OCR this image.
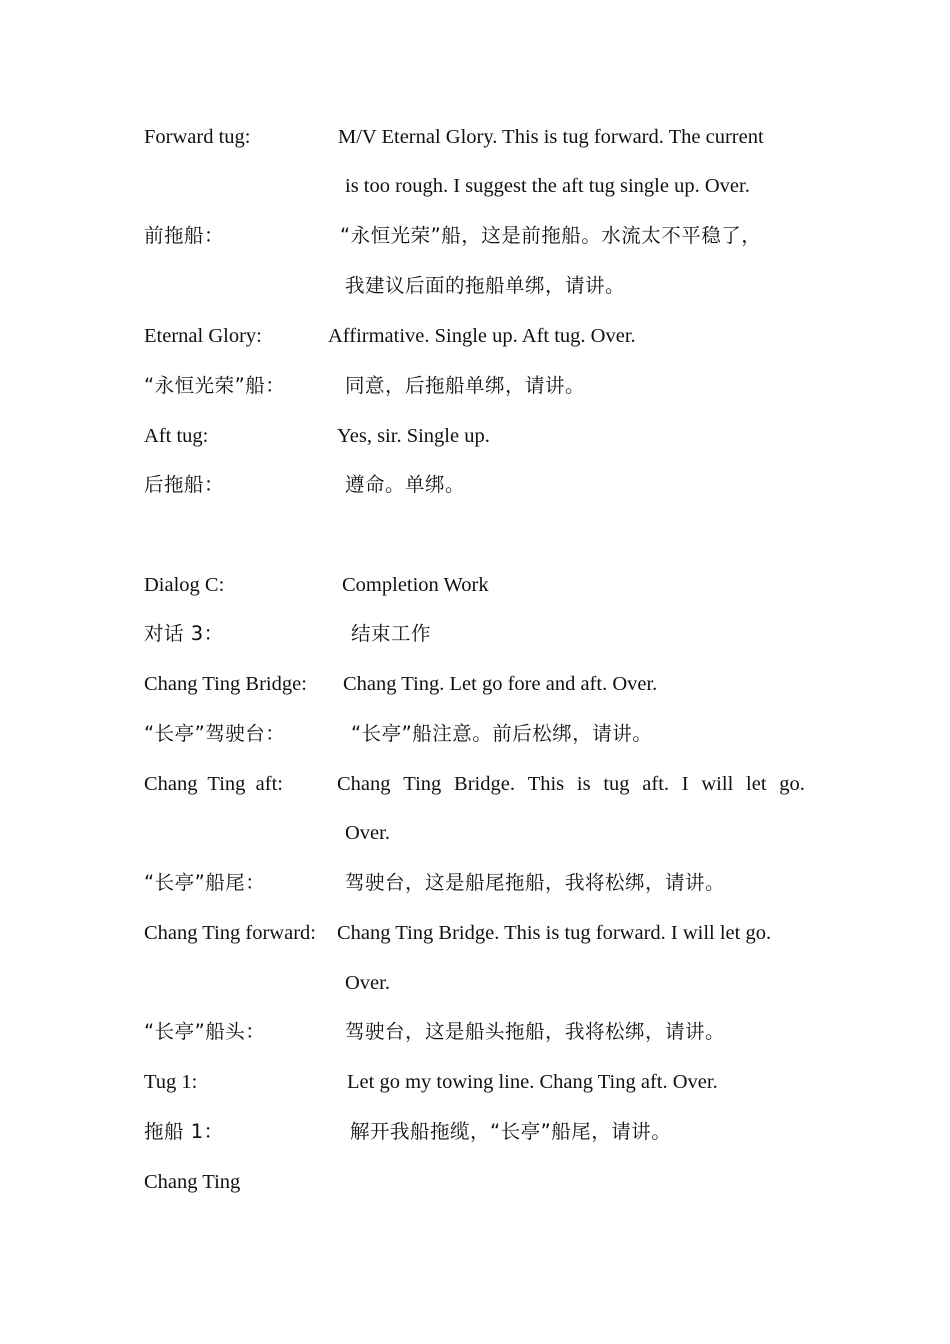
Forward tug:	M/V Eternal Glory. This is tug forward. The current
is too rough. I suggest the aft tug single up. Over.
前拖船：	“永恒光荣”船，这是前拖船。水流太不平稳了，
我建议后面的拖船单绑，请讲。
Eternal Glory:	Affirmative. Single up. Aft tug. Over.
“永恒光荣”船：	同意，后拖船单绑，请讲。
Aft tug:	Yes, sir. Single up.
后拖船：	遵命。单绑。
Dialog C:	Completion Work
对话 3：	结束工作
Chang Ting Bridge: Chang Ting. Let go fore and aft. Over.
“长亭”驾驶台：	“长亭”船注意。前后松绑，请讲。
Chang  Ting  aft:	Chang Ting Bridge. This is tug aft. I will let go.
Over.
“长亭”船尾：	驾驶台，这是船尾拖船，我将松绑，请讲。
Chang Ting forward: Chang Ting Bridge. This is tug forward. I will let go.
Over.
“长亭”船头：	驾驶台，这是船头拖船，我将松绑，请讲。
Tug 1:	Let go my towing line. Chang Ting aft. Over.
拖船 1：	解开我船拖缆，“长亭”船尾，请讲。
Chang Ting
